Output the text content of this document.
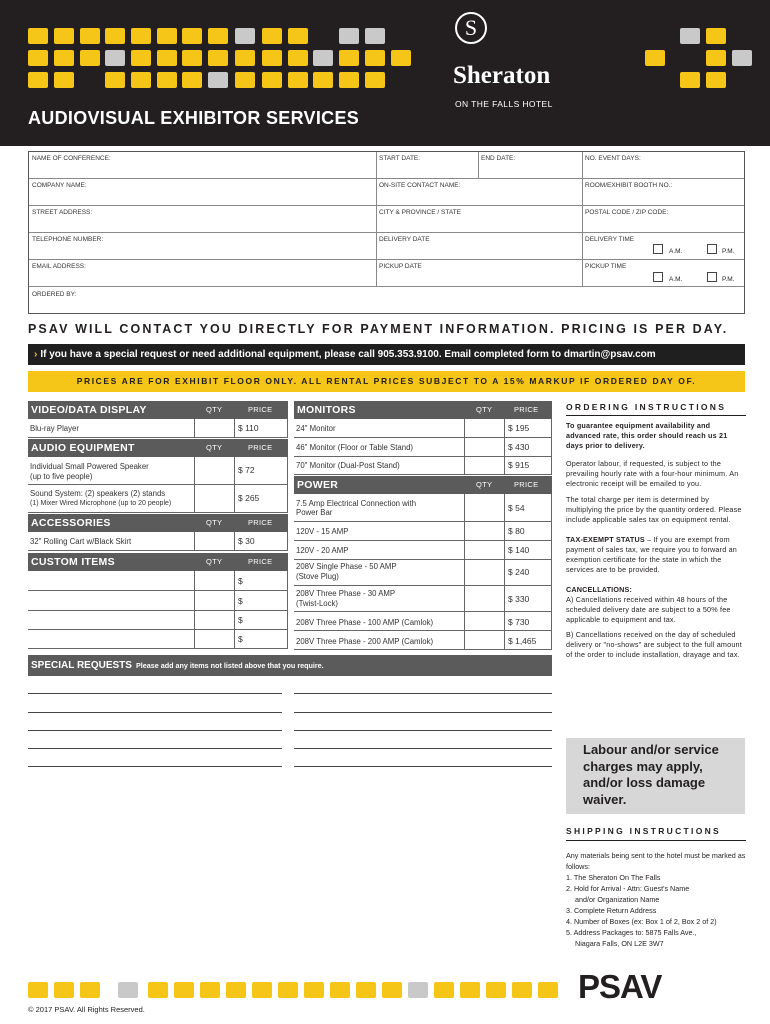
AUDIOVISUAL EXHIBITOR SERVICES
S
Sheraton
ON THE FALLS HOTEL
NAME OF CONFERENCE:	START DATE:	END DATE:	NO. EVENT DAYS:
COMPANY NAME:	ON-SITE CONTACT NAME:	ROOM/EXHIBIT BOOTH NO.:
STREET ADDRESS:	CITY & PROVINCE / STATE	POSTAL CODE / ZIP CODE:
TELEPHONE NUMBER:	DELIVERY DATE	DELIVERY TIME
A.M.	P.M.
EMAIL ADDRESS:	PICKUP DATE	PICKUP TIME
A.M.	P.M.
ORDERED BY:
PSAV WILL CONTACT YOU DIRECTLY FOR PAYMENT INFORMATION. PRICING IS PER DAY.
› If you have a special request or need additional equipment, please call 905.353.9100. Email completed form to dmartin@psav.com
PRICES ARE FOR EXHIBIT FLOOR ONLY. ALL RENTAL PRICES SUBJECT TO A 15% MARKUP IF ORDERED DAY OF.
VIDEO/DATA DISPLAY	QTY	PRICE
Blu-ray Player	$ 110
AUDIO EQUIPMENT	QTY	PRICE
Individual Small Powered Speaker
(up to five people)
$ 72
Sound System: (2) speakers (2) stands
(1) Mixer Wired Microphone (up to 20 people)
$ 265
ACCESSORIES	QTY	PRICE
32" Rolling Cart w/Black Skirt	$ 30
CUSTOM ITEMS	QTY	PRICE
$
$
$
$
MONITORS	QTY	PRICE
24" Monitor	$ 195
46" Monitor (Floor or Table Stand)	$ 430
70" Monitor (Dual-Post Stand)	$ 915
POWER	QTY	PRICE
7.5 Amp Electrical Connection with
Power Bar	$ 54
120V - 15 AMP	$ 80
120V - 20 AMP	$ 140
208V Single Phase - 50 AMP
(Stove Plug)	$ 240
208V Three Phase - 30 AMP
(Twist-Lock)	$ 330
208V Three Phase - 100 AMP (Camlok)	$ 730
208V Three Phase - 200 AMP (Camlok)	$ 1,465
SPECIAL REQUESTS Please add any items not listed above that you require.
ORDERING INSTRUCTIONS
To guarantee equipment availability and advanced rate, this order should reach us 21 days prior to delivery.
Operator labour, if requested, is subject to the prevailing hourly rate with a four-hour minimum. An electronic receipt will be emailed to you.
The total charge per item is determined by multiplying the price by the quantity ordered. Please include applicable sales tax on equipment rental.
TAX-EXEMPT STATUS – If you are exempt from payment of sales tax, we require you to forward an exemption certificate for the state in which the services are to be provided.
CANCELLATIONS:
A) Cancellations received within 48 hours of the scheduled delivery date are subject to a 50% fee applicable to equipment and tax.
B) Cancellations received on the day of scheduled delivery or "no-shows" are subject to the full amount of the order to include installation, drayage and tax.
Labour and/or service charges may apply, and/or loss damage waiver.
SHIPPING INSTRUCTIONS
Any materials being sent to the hotel must be marked as follows:
1. The Sheraton On The Falls
2. Hold for Arrival - Attn: Guest's Name
and/or Organization Name
3. Complete Return Address
4. Number of Boxes (ex: Box 1 of 2, Box 2 of 2)
5. Address Packages to: 5875 Falls Ave.,
Niagara Falls, ON L2E 3W7
PSAV
© 2017 PSAV. All Rights Reserved.
